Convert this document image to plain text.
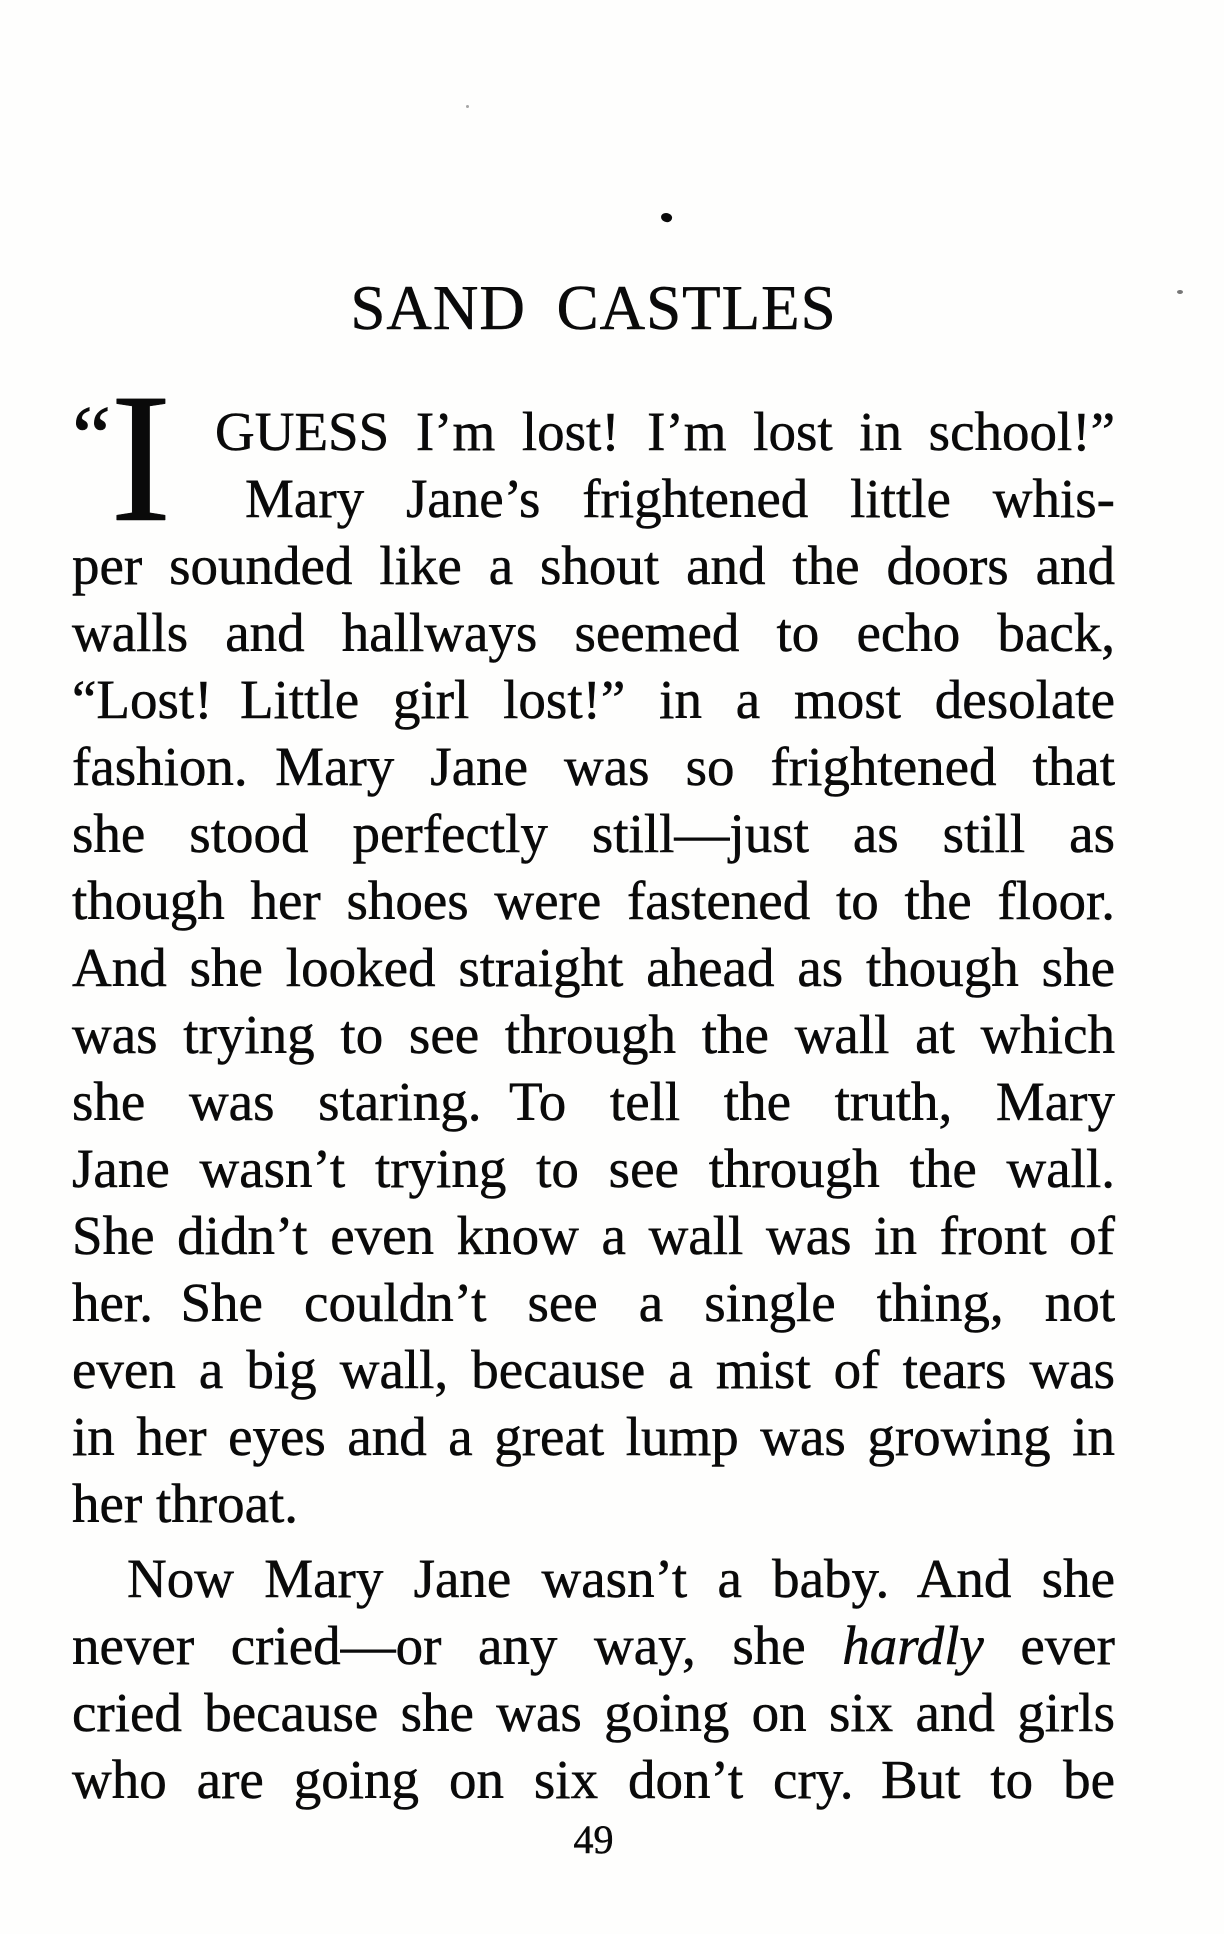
SAND CASTLES
“ I GUESS I’m lost! I’m lost in school!”
Mary Jane’s frightened little whis-
per sounded like a shout and the doors and
walls and hallways seemed to echo back,
“Lost! Little girl lost!” in a most desolate
fashion. Mary Jane was so frightened that
she stood perfectly still—just as still as
though her shoes were fastened to the floor.
And she looked straight ahead as though she
was trying to see through the wall at which
she was staring. To tell the truth, Mary
Jane wasn’t trying to see through the wall.
She didn’t even know a wall was in front of
her. She couldn’t see a single thing, not
even a big wall, because a mist of tears was
in her eyes and a great lump was growing in
her throat.
Now Mary Jane wasn’t a baby. And she
never cried—or any way, she hardly ever
cried because she was going on six and girls
who are going on six don’t cry. But to be
49
